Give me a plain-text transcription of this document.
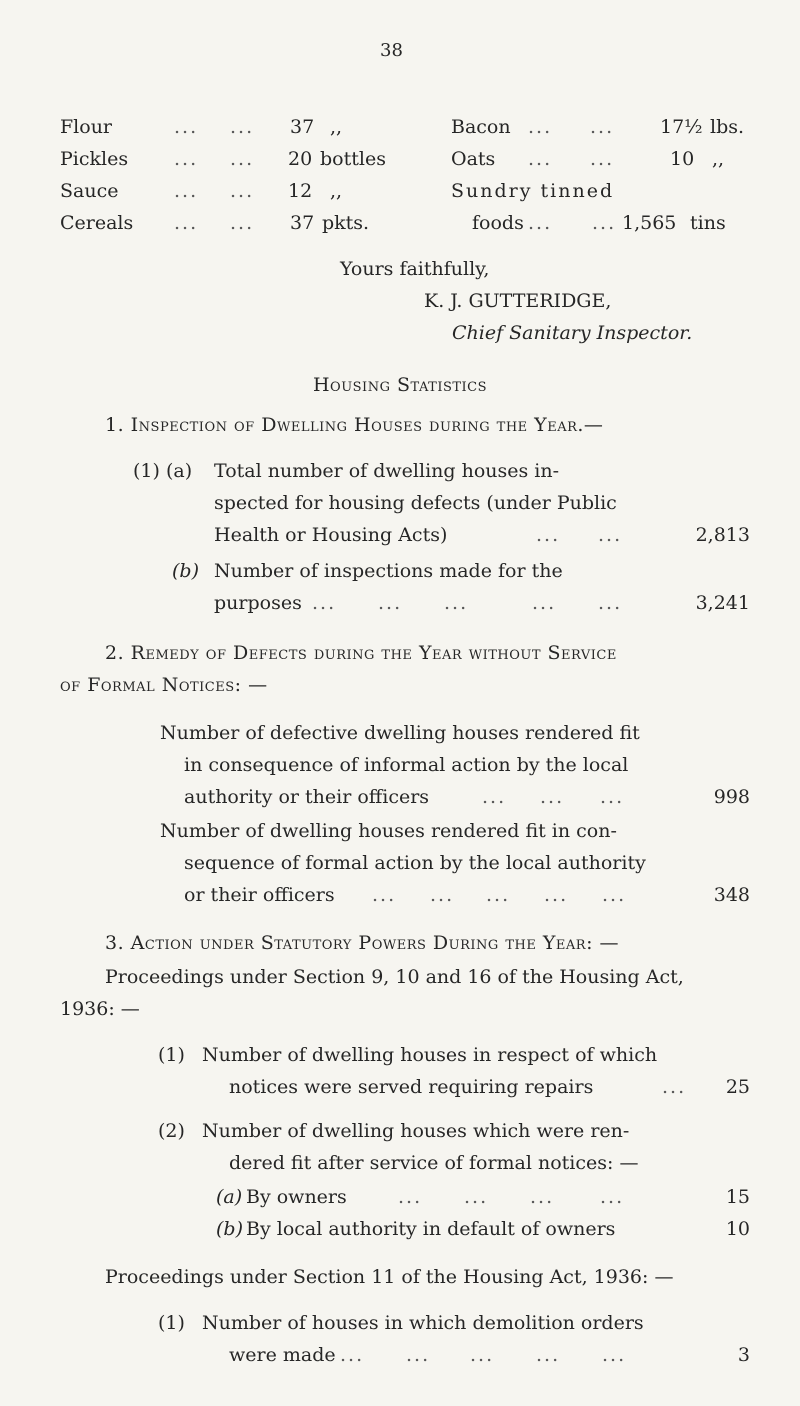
38
Flour	... ... 37 ,,	Bacon ... ... 17½ lbs.
Pickles ... ... 20 bottles	Oats ... ...	10 ,,
Sauce	... ... 12 ,,	Sundry tinned
Cereals ... ... 37 pkts.	foods ... ... 1,565 tins
Yours faithfully,
K. J. GUTTERIDGE,
Chief Sanitary Inspector.
Housing Statistics
1. Inspection of Dwelling Houses during the Year.—
(1) (a) Total number of dwelling houses in-
spected for housing defects (under Public
Health or Housing Acts)	... ...	2,813
(b) Number of inspections made for the
purposes ... ... ...	... ...	3,241
2. Remedy of Defects during the Year without Service
of Formal Notices: —
Number of defective dwelling houses rendered fit
in consequence of informal action by the local
authority or their officers	... ... ...	998
Number of dwelling houses rendered fit in con-
sequence of formal action by the local authority
or their officers ... ... ... ... ...	348
3. Action under Statutory Powers During the Year: —
Proceedings under Section 9, 10 and 16 of the Housing Act,
1936: —
(1) Number of dwelling houses in respect of which
notices were served requiring repairs	...	25
(2) Number of dwelling houses which were ren-
dered fit after service of formal notices: —
(a) By owners	... ... ... ...	15
(b) By local authority in default of owners	10
Proceedings under Section 11 of the Housing Act, 1936: —
(1) Number of houses in which demolition orders
were made ... ... ... ... ...	3
